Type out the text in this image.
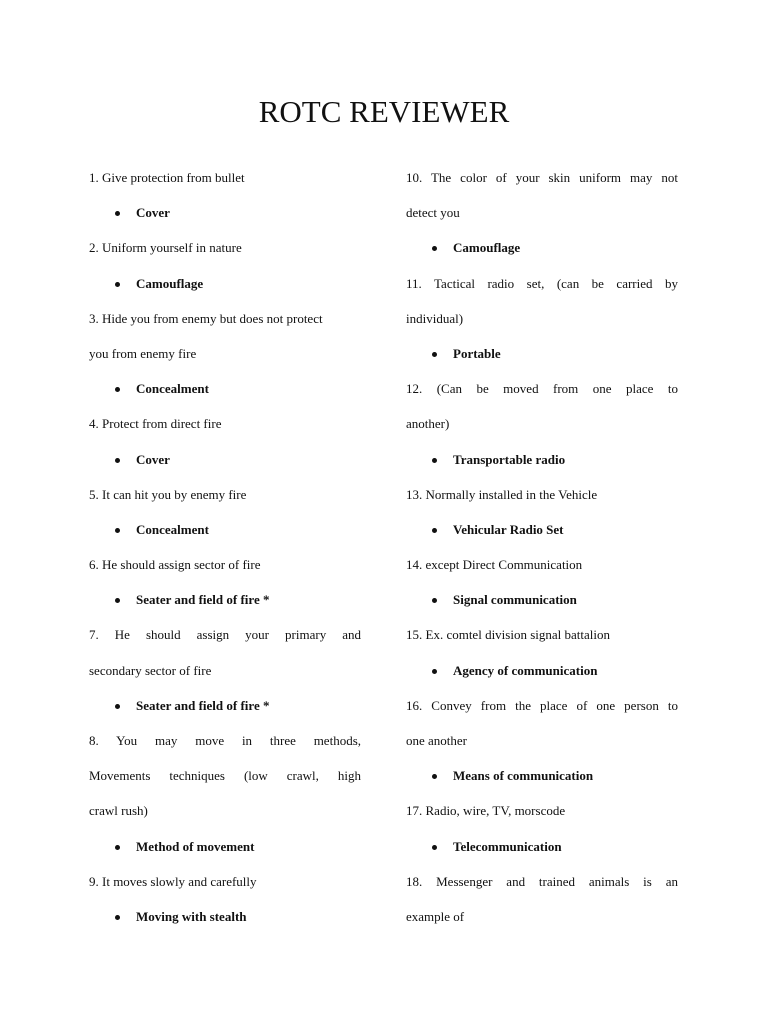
ROTC REVIEWER
1. Give protection from bullet
Cover
2. Uniform yourself in nature
Camouflage
3. Hide you from enemy but does not protect
you from enemy fire
Concealment
4. Protect from direct fire
Cover
5. It can hit you by enemy fire
Concealment
6. He should assign sector of fire
Seater and field of fire *
7. He should assign your primary and
secondary sector of fire
Seater and field of fire *
8. You may move in three methods,
Movements techniques (low crawl, high
crawl rush)
Method of movement
9. It moves slowly and carefully
Moving with stealth
10. The color of your skin uniform may not
detect you
Camouflage
11. Tactical radio set, (can be carried by
individual)
Portable
12. (Can be moved from one place to
another)
Transportable radio
13. Normally installed in the Vehicle
Vehicular Radio Set
14. except Direct Communication
Signal communication
15. Ex. comtel division signal battalion
Agency of communication
16. Convey from the place of one person to
one another
Means of communication
17. Radio, wire, TV, morscode
Telecommunication
18. Messenger and trained animals is an
example of
